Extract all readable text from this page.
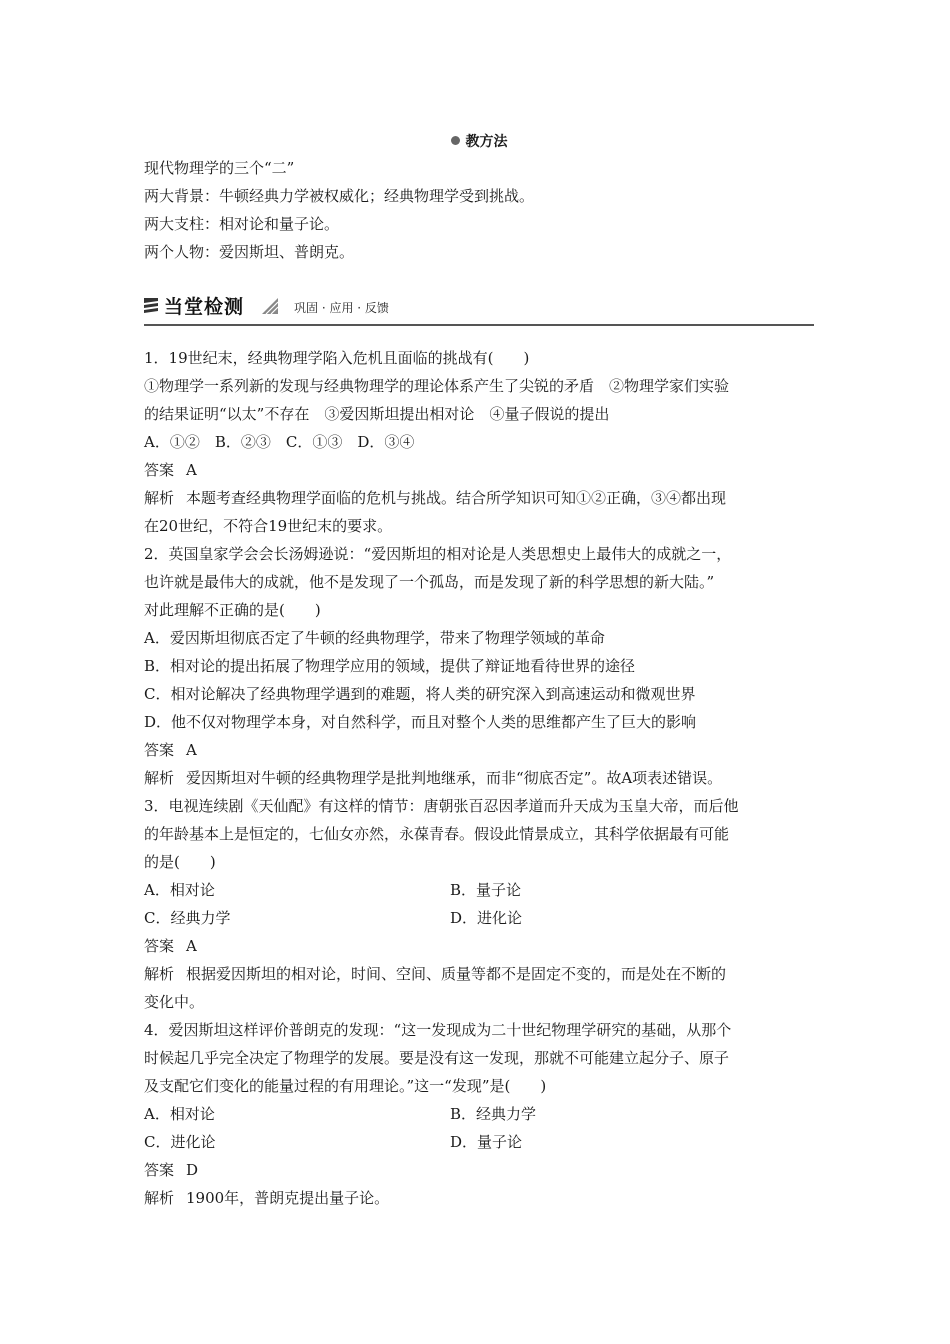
教方法
现代物理学的三个“二”
两大背景：牛顿经典力学被权威化；经典物理学受到挑战。
两大支柱：相对论和量子论。
两个人物：爱因斯坦、普朗克。
当堂检测	巩固 · 应用 · 反馈
1．19世纪末，经典物理学陷入危机且面临的挑战有(　　)
①物理学一系列新的发现与经典物理学的理论体系产生了尖锐的矛盾　②物理学家们实验
的结果证明“以太”不存在　③爱因斯坦提出相对论　④量子假说的提出
A．①②　B．②③　C．①③　D．③④
答案 A
解析 本题考查经典物理学面临的危机与挑战。结合所学知识可知①②正确，③④都出现
在20世纪，不符合19世纪末的要求。
2．英国皇家学会会长汤姆逊说：“爱因斯坦的相对论是人类思想史上最伟大的成就之一，
也许就是最伟大的成就，他不是发现了一个孤岛，而是发现了新的科学思想的新大陆。”
对此理解不正确的是(　　)
A．爱因斯坦彻底否定了牛顿的经典物理学，带来了物理学领域的革命
B．相对论的提出拓展了物理学应用的领域，提供了辩证地看待世界的途径
C．相对论解决了经典物理学遇到的难题，将人类的研究深入到高速运动和微观世界
D．他不仅对物理学本身，对自然科学，而且对整个人类的思维都产生了巨大的影响
答案 A
解析 爱因斯坦对牛顿的经典物理学是批判地继承，而非“彻底否定”。故A项表述错误。
3．电视连续剧《天仙配》有这样的情节：唐朝张百忍因孝道而升天成为玉皇大帝，而后他
的年龄基本上是恒定的，七仙女亦然，永葆青春。假设此情景成立，其科学依据最有可能
的是(　　)
A．相对论	B．量子论
C．经典力学	D．进化论
答案 A
解析 根据爱因斯坦的相对论，时间、空间、质量等都不是固定不变的，而是处在不断的
变化中。
4．爱因斯坦这样评价普朗克的发现：“这一发现成为二十世纪物理学研究的基础，从那个
时候起几乎完全决定了物理学的发展。要是没有这一发现，那就不可能建立起分子、原子
及支配它们变化的能量过程的有用理论。”这一“发现”是(　　)
A．相对论	B．经典力学
C．进化论	D．量子论
答案 D
解析 1900年，普朗克提出量子论。
